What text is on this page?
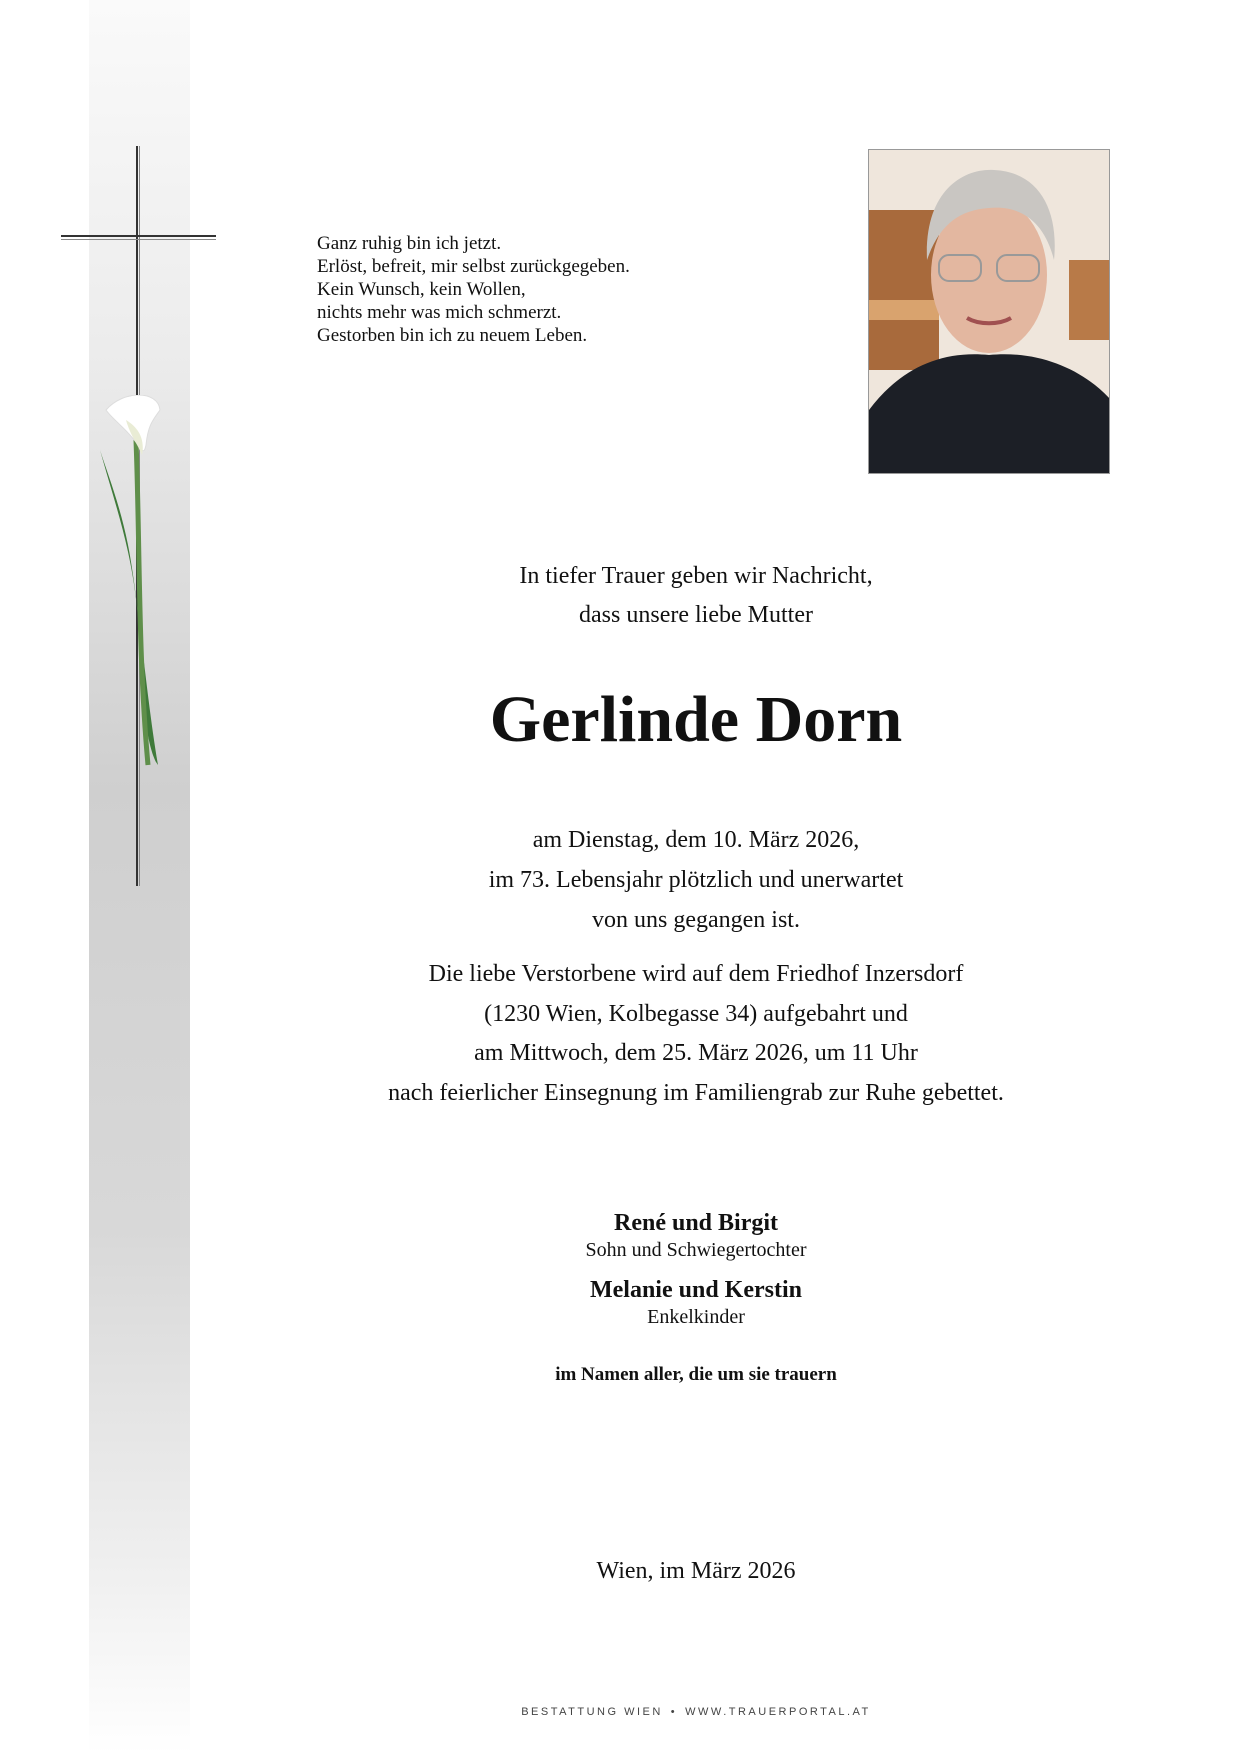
Ganz ruhig bin ich jetzt.
Erlöst, befreit, mir selbst zurückgegeben.
Kein Wunsch, kein Wollen,
nichts mehr was mich schmerzt.
Gestorben bin ich zu neuem Leben.
In tiefer Trauer geben wir Nachricht,
dass unsere liebe Mutter
Gerlinde Dorn
am Dienstag, dem 10. März 2026,
im 73. Lebensjahr plötzlich und unerwartet
von uns gegangen ist.
Die liebe Verstorbene wird auf dem Friedhof Inzersdorf
(1230 Wien, Kolbegasse 34) aufgebahrt und
am Mittwoch, dem 25. März 2026, um 11 Uhr
nach feierlicher Einsegnung im Familiengrab zur Ruhe gebettet.
René und Birgit
Sohn und Schwiegertochter
Melanie und Kerstin
Enkelkinder
im Namen aller, die um sie trauern
Wien, im März 2026
BESTATTUNG WIEN • WWW.TRAUERPORTAL.AT
